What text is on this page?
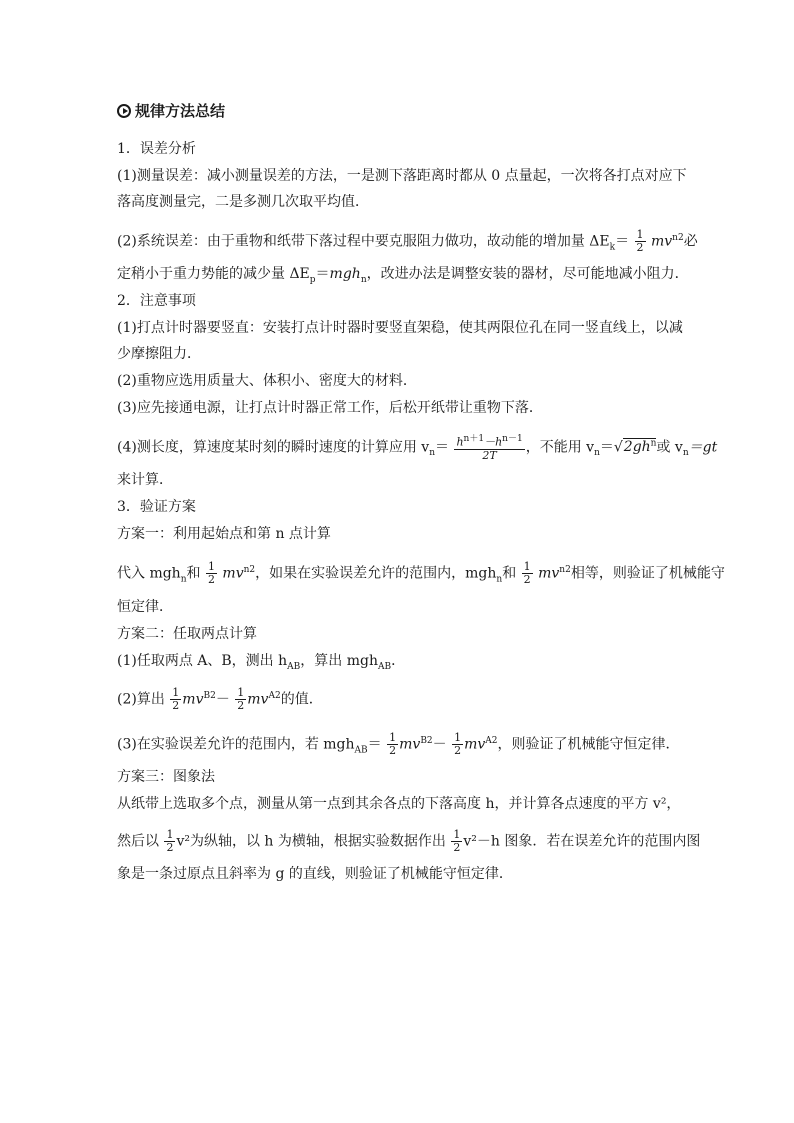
规律方法总结
1．误差分析
(1)测量误差：减小测量误差的方法，一是测下落距离时都从 0 点量起，一次将各打点对应下
落高度测量完，二是多测几次取平均值．
(2)系统误差：由于重物和纸带下落过程中要克服阻力做功，故动能的增加量 $\Delta E_k= \frac{1}{2} mv^{n2}$必
定稍小于重力势能的减少量 $\Delta E_p=mgh_n$，改进办法是调整安装的器材，尽可能地减小阻力．
2．注意事项
(1)打点计时器要竖直：安装打点计时器时要竖直架稳，使其两限位孔在同一竖直线上，以减
少摩擦阻力．
(2)重物应选用质量大、体积小、密度大的材料．
(3)应先接通电源，让打点计时器正常工作，后松开纸带让重物下落．
(4)测长度，算速度某时刻的瞬时速度的计算应用 $v_n= \frac{h^{n+1}-h^{n-1}}{2T}$ ，不能用 $v_n=√2gh^n$或 $v_n=gt$
来计算．
3．验证方案
方案一：利用起始点和第 n 点计算
代入 mgh$_n$和 $\frac{1}{2} mv^{n2}$，如果在实验误差允许的范围内，mgh$_n$和 $\frac{1}{2} mv^{n2}$相等，则验证了机械能守
恒定律．
方案二：任取两点计算
(1)任取两点 A、B，测出 $h_{AB}$，算出 mgh$_{AB}$．
(2)算出 $\frac{1}{2} mv^{B2}- \frac{1}{2} mv^{A2}$的值．
(3)在实验误差允许的范围内，若 $mgh_{AB}= \frac{1}{2} mv^{B2}- \frac{1}{2} mv^{A2}$，则验证了机械能守恒定律．
方案三：图象法
从纸带上选取多个点，测量从第一点到其余各点的下落高度 h，并计算各点速度的平方 v²，
然后以 $\frac{1}{2} v^2$为纵轴，以 h 为横轴，根据实验数据作出 $\frac{1}{2} v^2-h$ 图象．若在误差允许的范围内图
象是一条过原点且斜率为 g 的直线，则验证了机械能守恒定律．
